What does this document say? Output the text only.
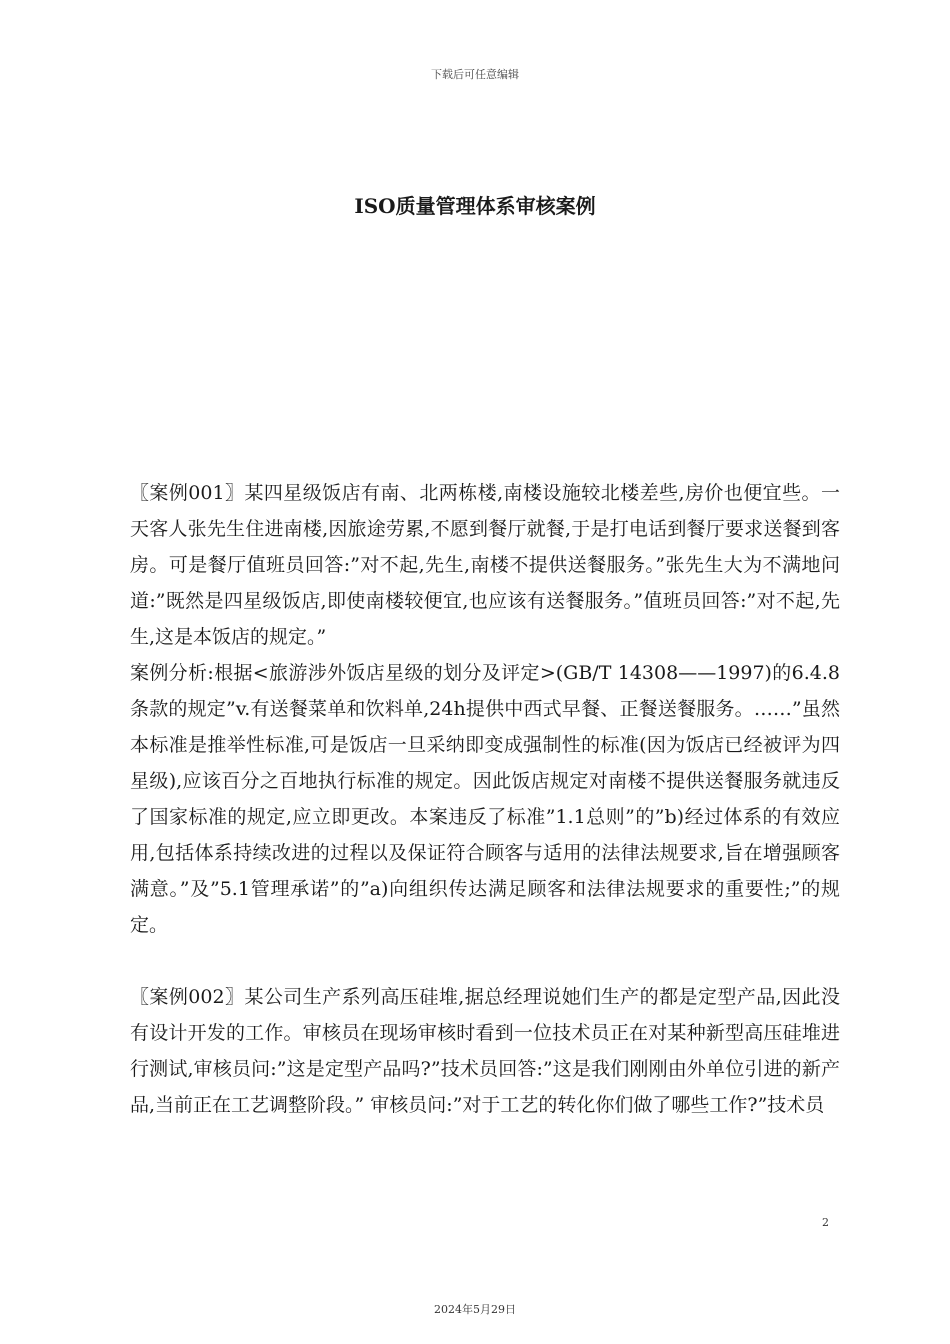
下载后可任意编辑
ISO质量管理体系审核案例

〖案例001〗某四星级饭店有南、北两栋楼,南楼设施较北楼差些,房价也便宜些。一天客人张先生住进南楼,因旅途劳累,不愿到餐厅就餐,于是打电话到餐厅要求送餐到客房。可是餐厅值班员回答:”对不起,先生,南楼不提供送餐服务。”张先生大为不满地问道:”既然是四星级饭店,即使南楼较便宜,也应该有送餐服务。”值班员回答:”对不起,先生,这是本饭店的规定。”

案例分析:根据<旅游涉外饭店星级的划分及评定>(GB/T 14308——1997)的6.4.8条款的规定”v.有送餐菜单和饮料单,24h提供中西式早餐、正餐送餐服务。……”虽然本标准是推举性标准,可是饭店一旦采纳即变成强制性的标准(因为饭店已经被评为四星级),应该百分之百地执行标准的规定。因此饭店规定对南楼不提供送餐服务就违反了国家标准的规定,应立即更改。本案违反了标准”1.1总则”的”b)经过体系的有效应用,包括体系持续改进的过程以及保证符合顾客与适用的法律法规要求,旨在增强顾客满意。”及”5.1管理承诺”的”a)向组织传达满足顾客和法律法规要求的重要性;”的规定。

〖案例002〗某公司生产系列高压硅堆,据总经理说她们生产的都是定型产品,因此没有设计开发的工作。审核员在现场审核时看到一位技术员正在对某种新型高压硅堆进行测试,审核员问:”这是定型产品吗?”技术员回答:”这是我们刚刚由外单位引进的新产品,当前正在工艺调整阶段。” 审核员问:”对于工艺的转化你们做了哪些工作?”技术员

2
2024年5月29日
